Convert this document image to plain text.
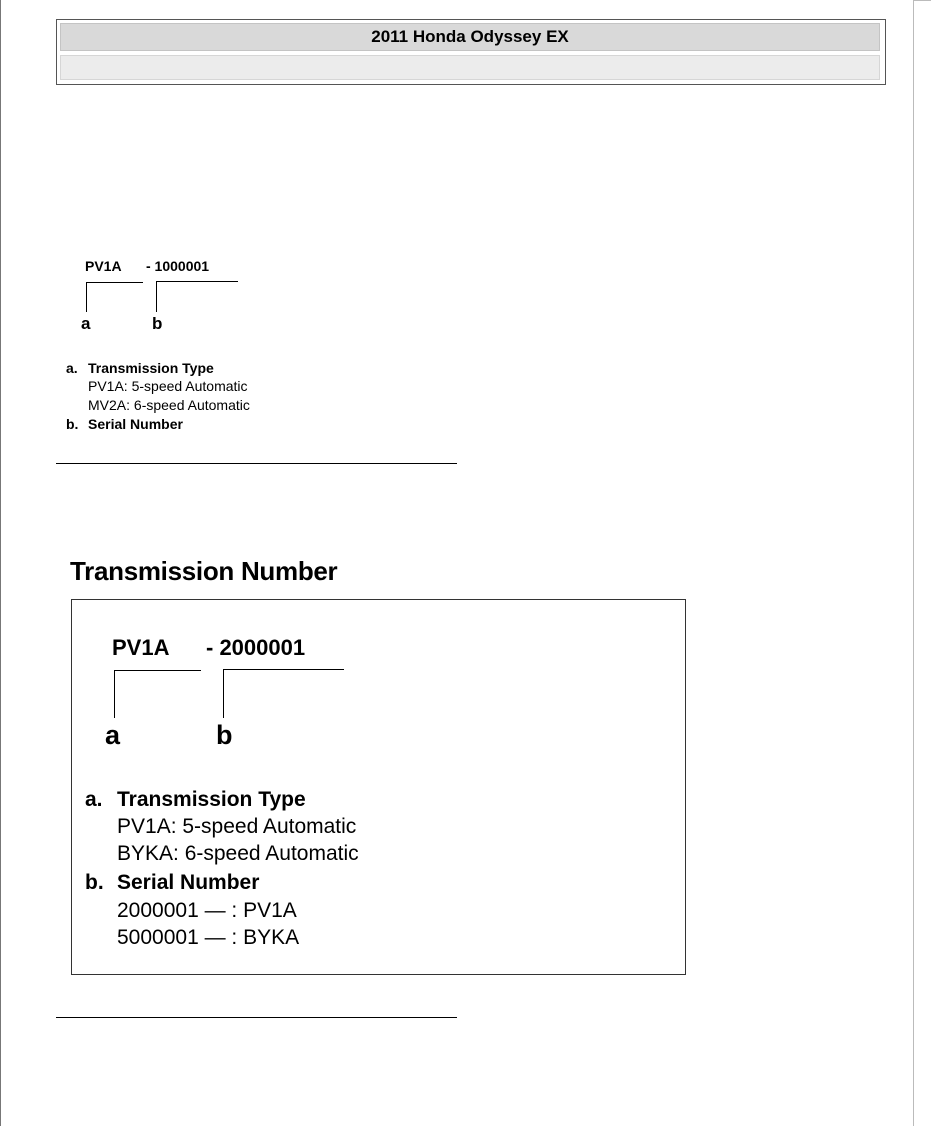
2011 Honda Odyssey EX
PV1A - 1000001
a	b
a. Transmission Type
PV1A: 5-speed Automatic
MV2A: 6-speed Automatic
b. Serial Number
Transmission Number
PV1A - 2000001
a	b
a. Transmission Type
PV1A: 5-speed Automatic
BYKA: 6-speed Automatic
b. Serial Number
2000001 — : PV1A
5000001 — : BYKA
